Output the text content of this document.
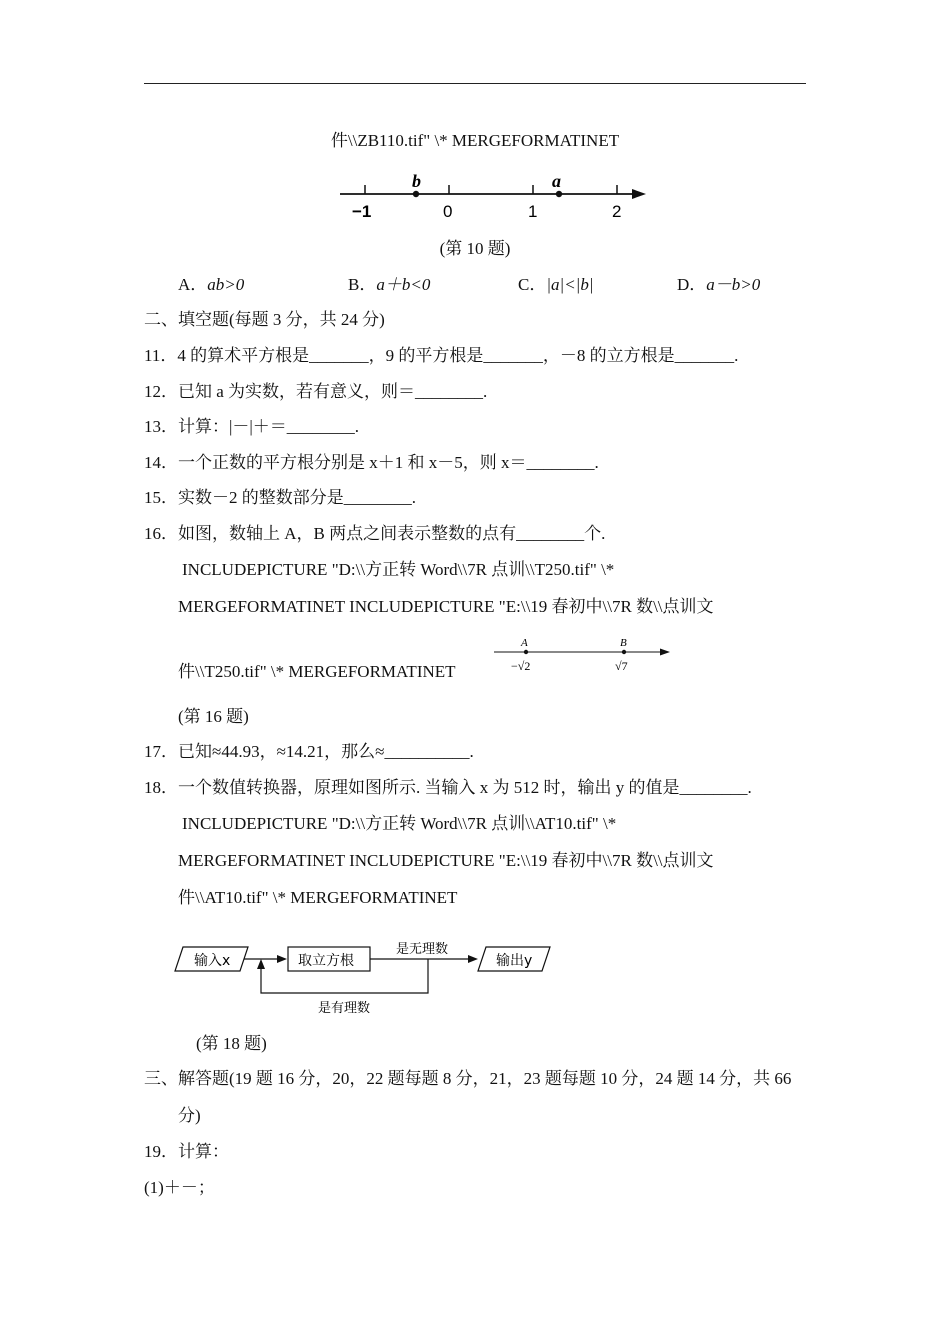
件\\ZB110.tif" \* MERGEFORMATINET
b	a
−1	0	1	2
(第 10 题)
A．ab>0	B．a＋b<0	C．|a|<|b|	D．a－b>0
二、填空题(每题 3 分，共 24 分)
11．4 的算术平方根是_______，9 的平方根是_______，－8 的立方根是_______.
12．已知 a 为实数，若有意义，则＝________.
13．计算：|－|＋＝________.
14．一个正数的平方根分别是 x＋1 和 x－5，则 x＝________.
15．实数－2 的整数部分是________.
16．如图，数轴上 A，B 两点之间表示整数的点有________个.
INCLUDEPICTURE "D:\\方正转 Word\\7R 点训\\T250.tif" \*
MERGEFORMATINET INCLUDEPICTURE "E:\\19 春初中\\7R 数\\点训文
件\\T250.tif" \* MERGEFORMATINET
A	B
−√2	√7
(第 16 题)
17．已知≈44.93，≈14.21，那么≈__________.
18．一个数值转换器，原理如图所示. 当输入 x 为 512 时，输出 y 的值是________.
INCLUDEPICTURE "D:\\方正转 Word\\7R 点训\\AT10.tif" \*
MERGEFORMATINET INCLUDEPICTURE "E:\\19 春初中\\7R 数\\点训文
件\\AT10.tif" \* MERGEFORMATINET
输入x	取立方根
是无理数
输出y
是有理数
(第 18 题)
三、解答题(19 题 16 分，20，22 题每题 8 分，21，23 题每题 10 分，24 题 14 分，共 66
分)
19．计算：
(1)＋－；
